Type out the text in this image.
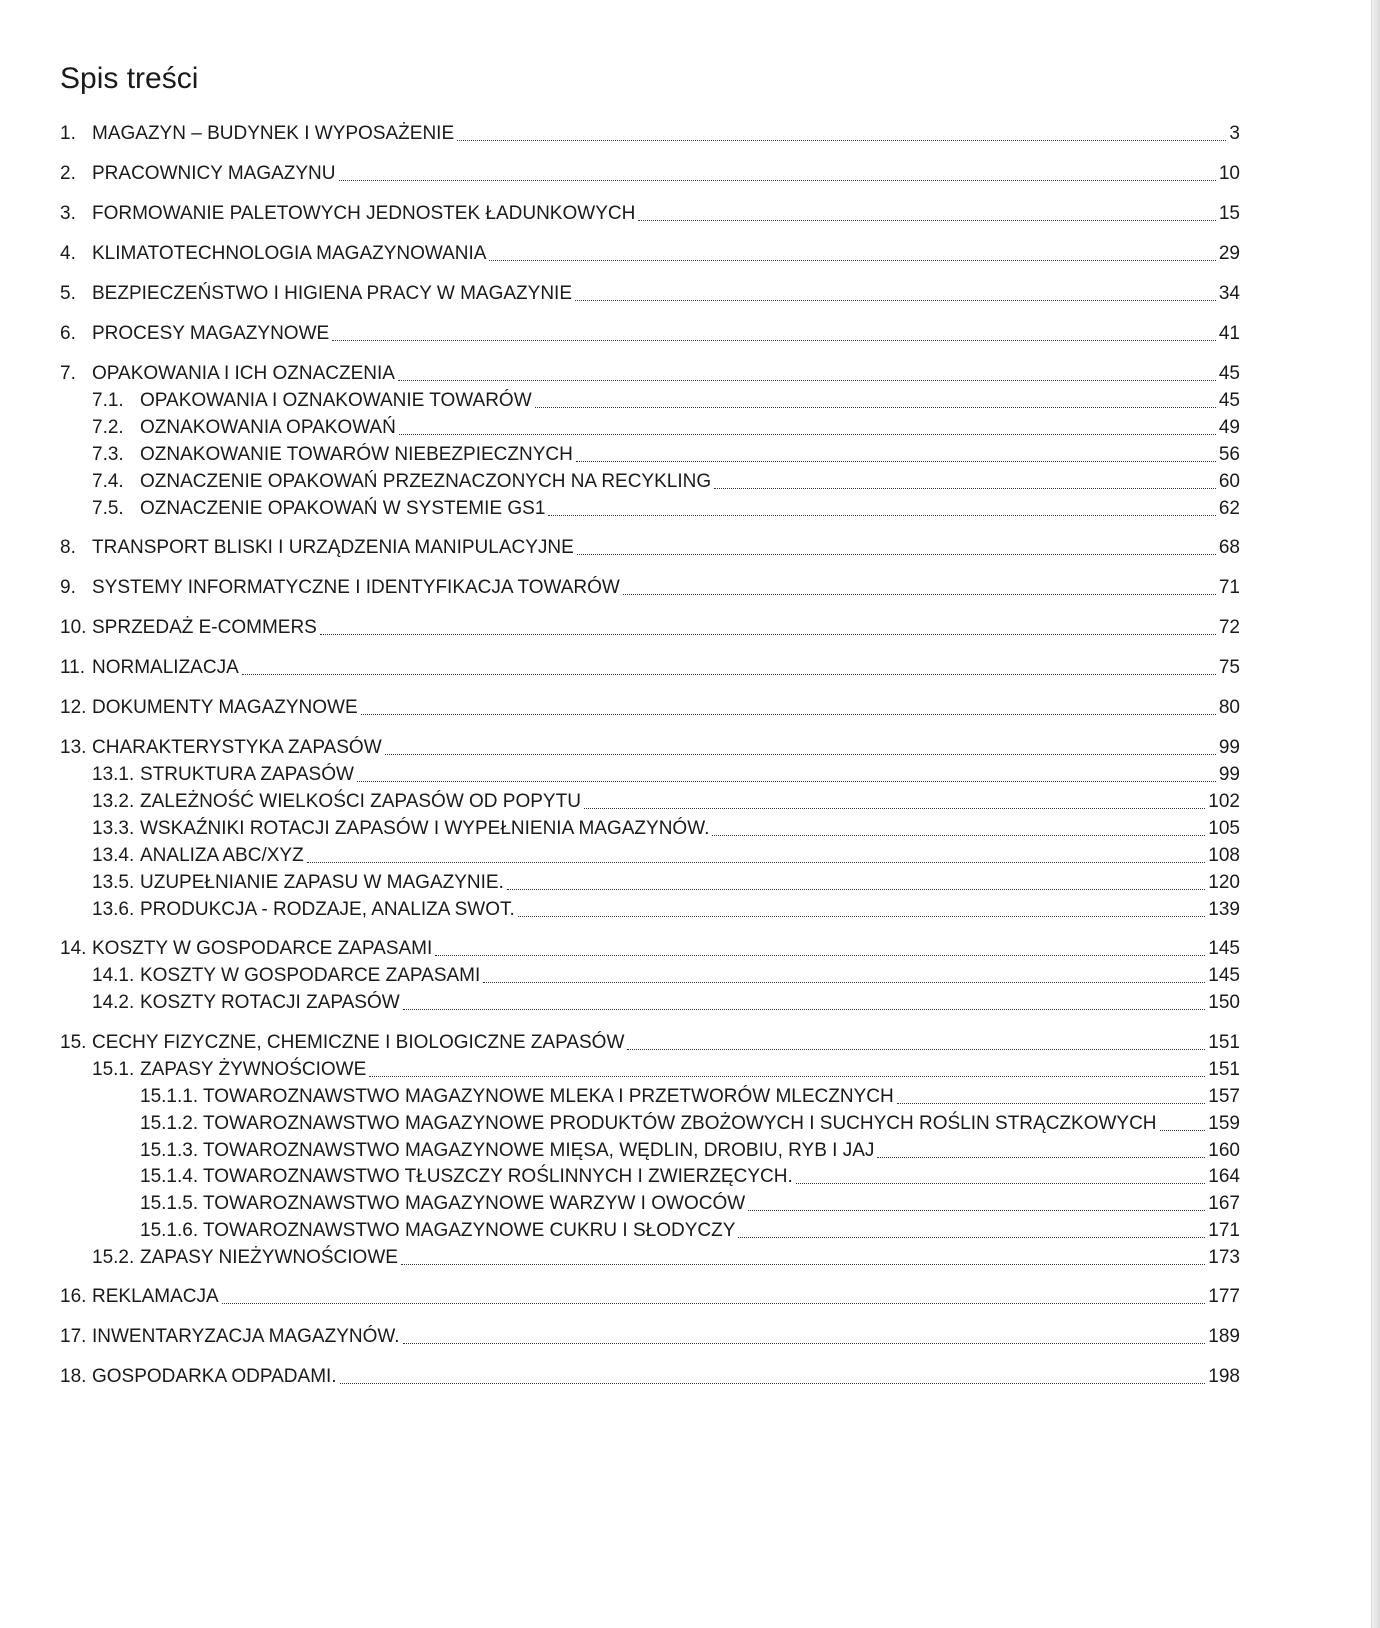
Spis treści
1. MAGAZYN – BUDYNEK I WYPOSAŻENIE	3
2. PRACOWNICY MAGAZYNU	10
3. FORMOWANIE PALETOWYCH JEDNOSTEK ŁADUNKOWYCH	15
4. KLIMATOTECHNOLOGIA MAGAZYNOWANIA	29
5. BEZPIECZEŃSTWO I HIGIENA PRACY W MAGAZYNIE	34
6. PROCESY MAGAZYNOWE	41
7. OPAKOWANIA I ICH OZNACZENIA	45
7.1. OPAKOWANIA I OZNAKOWANIE TOWARÓW	45
7.2. OZNAKOWANIA OPAKOWAŃ	49
7.3. OZNAKOWANIE TOWARÓW NIEBEZPIECZNYCH	56
7.4. OZNACZENIE OPAKOWAŃ PRZEZNACZONYCH NA RECYKLING	60
7.5. OZNACZENIE OPAKOWAŃ W SYSTEMIE GS1	62
8. TRANSPORT BLISKI I URZĄDZENIA MANIPULACYJNE	68
9. SYSTEMY INFORMATYCZNE I IDENTYFIKACJA TOWARÓW	71
10. SPRZEDAŻ E-COMMERS	72
11. NORMALIZACJA	75
12. DOKUMENTY MAGAZYNOWE	80
13. CHARAKTERYSTYKA ZAPASÓW	99
13.1. STRUKTURA ZAPASÓW	99
13.2. ZALEŻNOŚĆ WIELKOŚCI ZAPASÓW OD POPYTU	102
13.3. WSKAŹNIKI ROTACJI ZAPASÓW I WYPEŁNIENIA MAGAZYNÓW.	105
13.4. ANALIZA ABC/XYZ	108
13.5. UZUPEŁNIANIE ZAPASU W MAGAZYNIE.	120
13.6. PRODUKCJA - RODZAJE, ANALIZA SWOT.	139
14. KOSZTY W GOSPODARCE ZAPASAMI	145
14.1. KOSZTY W GOSPODARCE ZAPASAMI	145
14.2. KOSZTY ROTACJI ZAPASÓW	150
15. CECHY FIZYCZNE, CHEMICZNE I BIOLOGICZNE ZAPASÓW	151
15.1. ZAPASY ŻYWNOŚCIOWE	151
15.1.1. TOWAROZNAWSTWO MAGAZYNOWE MLEKA I PRZETWORÓW MLECZNYCH	157
15.1.2. TOWAROZNAWSTWO MAGAZYNOWE PRODUKTÓW ZBOŻOWYCH I SUCHYCH ROŚLIN STRĄCZKOWYCH	159
15.1.3. TOWAROZNAWSTWO MAGAZYNOWE MIĘSA, WĘDLIN, DROBIU, RYB I JAJ	160
15.1.4. TOWAROZNAWSTWO TŁUSZCZY ROŚLINNYCH I ZWIERZĘCYCH.	164
15.1.5. TOWAROZNAWSTWO MAGAZYNOWE WARZYW I OWOCÓW	167
15.1.6. TOWAROZNAWSTWO MAGAZYNOWE CUKRU I SŁODYCZY	171
15.2. ZAPASY NIEŻYWNOŚCIOWE	173
16. REKLAMACJA	177
17. INWENTARYZACJA MAGAZYNÓW.	189
18. GOSPODARKA ODPADAMI.	198
